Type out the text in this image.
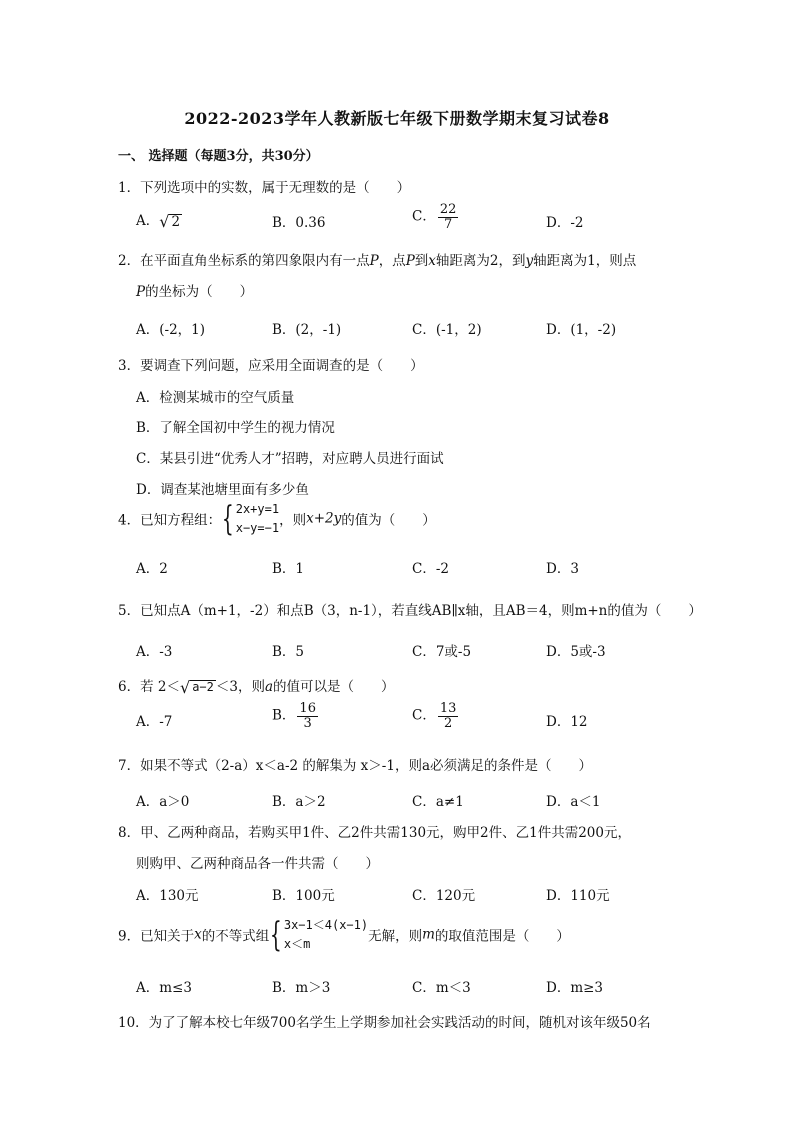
2022-2023学年人教新版七年级下册数学期末复习试卷8
一、 选择题（每题3分，共30分）
1．下列选项中的实数，属于无理数的是（　　）
A． √ 2	B．0.36	C． $\frac{22}{7}$	D．-2
2．在平面直角坐标系的第四象限内有一点P，点P到x轴距离为2，到y轴距离为1，则点
P的坐标为（　　）
A．(-2，1)	B．(2，-1)	C．(-1，2)	D．(1，-2)
3．要调查下列问题，应采用全面调查的是（　　）
A．检测某城市的空气质量
B．了解全国初中学生的视力情况
C．某县引进“优秀人才”招聘，对应聘人员进行面试
D．调查某池塘里面有多少鱼
4．已知方程组： { 2x+y=1
x−y=−1 ，则x+2y的值为（　　）
A．2	B．1	C．-2	D．3
5．已知点A（m+1，-2）和点B（3，n-1），若直线AB∥x轴，且AB＝4，则m+n的值为（　　）
A．-3	B．5	C．7或-5	D．5或-3
6．若 2＜ √ a−2 ＜3，则a的值可以是（　　）
A．-7	B． $\frac{16}{3}$	C． $\frac{13}{2}$	D．12
7．如果不等式（2-a）x＜a-2 的解集为 x＞-1，则a必须满足的条件是（　　）
A．a＞0	B．a＞2	C．a≠1	D．a＜1
8．甲、乙两种商品，若购买甲1件、乙2件共需130元，购甲2件、乙1件共需200元，
则购甲、乙两种商品各一件共需（　　）
A．130元	B．100元	C．120元	D．110元
9．已知关于x的不等式组 { 3x−1＜4(x−1)
x＜m	无解，则m的取值范围是（　　）
A．m≤3	B．m＞3	C．m＜3	D．m≥3
10．为了了解本校七年级700名学生上学期参加社会实践活动的时间，随机对该年级50名
